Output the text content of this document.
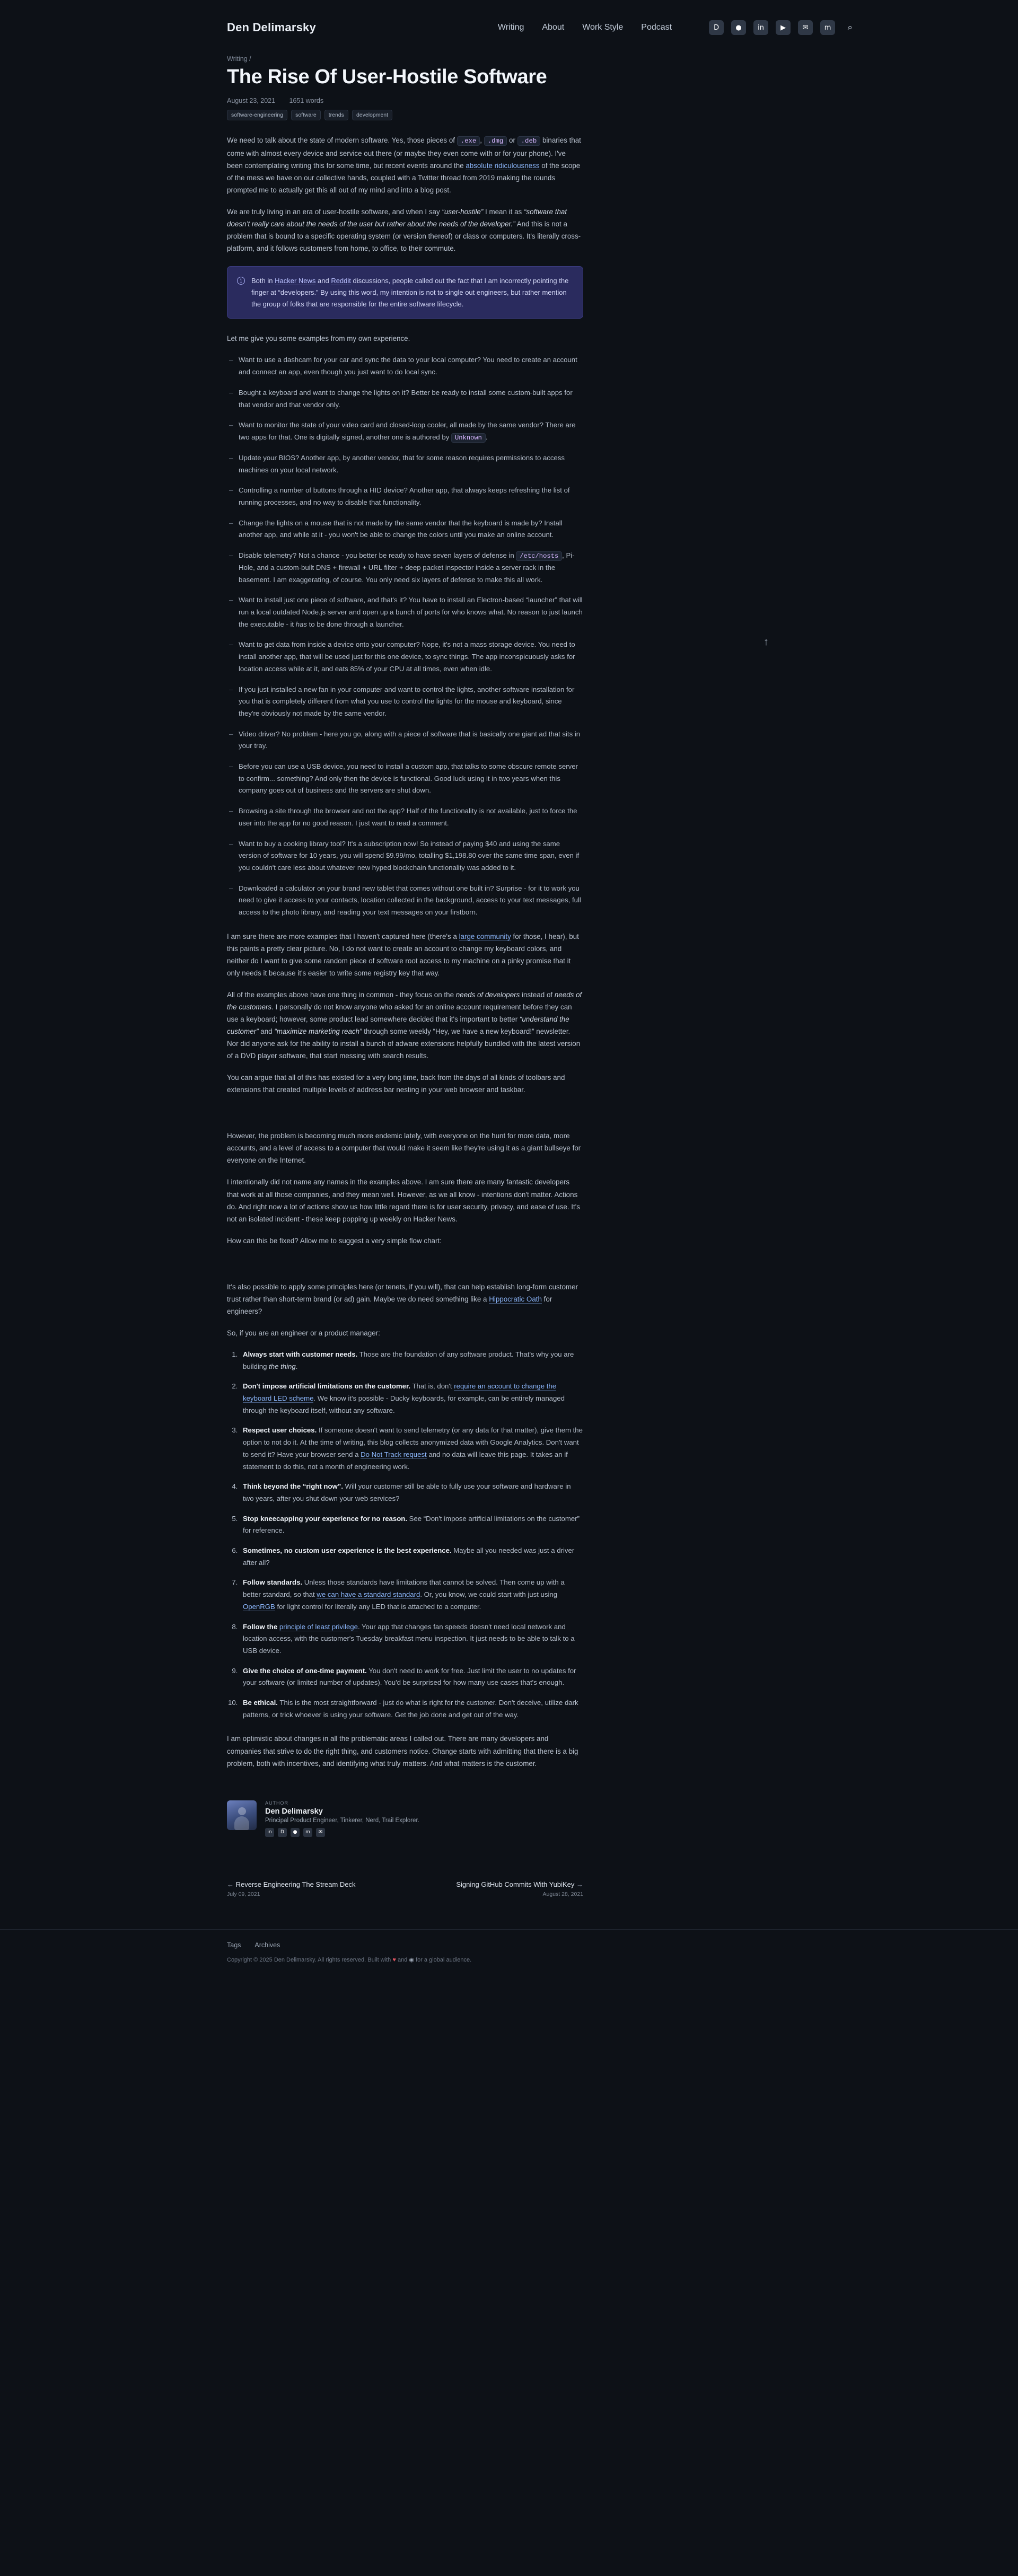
Den Delimarsky	Writing About Work Style Podcast	D	●	in	▶	✉	m	⌕
↑
Writing /
The Rise Of User-Hostile Software
August 23, 2021 1651 words
software-engineering	software	trends	development

We need to talk about the state of modern software. Yes, those pieces of .exe , .dmg or .deb binaries that come with almost every device and service out there (or maybe they even come with or for your phone). I've been contemplating writing this for some time, but recent events around the absolute ridiculousness of the scope of the mess we have on our collective hands, coupled with a Twitter thread from 2019 making the rounds prompted me to actually get this all out of my mind and into a blog post.

We are truly living in an era of user-hostile software, and when I say “user-hostile” I mean it as “software that doesn’t really care about the needs of the user but rather about the needs of the developer.” And this is not a problem that is bound to a specific operating system (or version thereof) or class or computers. It's literally cross-platform, and it follows customers from home, to office, to their commute.

i	Both in Hacker News and Reddit discussions, people called out the fact that I am incorrectly pointing the finger at “developers.” By using this word, my intention is not to single out engineers, but rather mention the group of folks that are responsible for the entire software lifecycle.

Let me give you some examples from my own experience.

– Want to use a dashcam for your car and sync the data to your local computer? You need to create an account and connect an app, even though you just want to do local sync.
– Bought a keyboard and want to change the lights on it? Better be ready to install some custom-built apps for that vendor and that vendor only.
– Want to monitor the state of your video card and closed-loop cooler, all made by the same vendor? There are two apps for that. One is digitally signed, another one is authored by Unknown .
– Update your BIOS? Another app, by another vendor, that for some reason requires permissions to access machines on your local network.
– Controlling a number of buttons through a HID device? Another app, that always keeps refreshing the list of running processes, and no way to disable that functionality.
– Change the lights on a mouse that is not made by the same vendor that the keyboard is made by? Install another app, and while at it - you won't be able to change the colors until you make an online account.
– Disable telemetry? Not a chance - you better be ready to have seven layers of defense in /etc/hosts , Pi-Hole, and a custom-built DNS + firewall + URL filter + deep packet inspector inside a server rack in the basement. I am exaggerating, of course. You only need six layers of defense to make this all work.
– Want to install just one piece of software, and that's it? You have to install an Electron-based “launcher” that will run a local outdated Node.js server and open up a bunch of ports for who knows what. No reason to just launch the executable - it has to be done through a launcher.
– Want to get data from inside a device onto your computer? Nope, it's not a mass storage device. You need to install another app, that will be used just for this one device, to sync things. The app inconspicuously asks for location access while at it, and eats 85% of your CPU at all times, even when idle.
– If you just installed a new fan in your computer and want to control the lights, another software installation for you that is completely different from what you use to control the lights for the mouse and keyboard, since they're obviously not made by the same vendor.
– Video driver? No problem - here you go, along with a piece of software that is basically one giant ad that sits in your tray.
– Before you can use a USB device, you need to install a custom app, that talks to some obscure remote server to confirm... something? And only then the device is functional. Good luck using it in two years when this company goes out of business and the servers are shut down.
– Browsing a site through the browser and not the app? Half of the functionality is not available, just to force the user into the app for no good reason. I just want to read a comment.
– Want to buy a cooking library tool? It's a subscription now! So instead of paying $40 and using the same version of software for 10 years, you will spend $9.99/mo, totalling $1,198.80 over the same time span, even if you couldn't care less about whatever new hyped blockchain functionality was added to it.
– Downloaded a calculator on your brand new tablet that comes without one built in? Surprise - for it to work you need to give it access to your contacts, location collected in the background, access to your text messages, full access to the photo library, and reading your text messages on your firstborn.

I am sure there are more examples that I haven't captured here (there's a large community for those, I hear), but this paints a pretty clear picture. No, I do not want to create an account to change my keyboard colors, and neither do I want to give some random piece of software root access to my machine on a pinky promise that it only needs it because it's easier to write some registry key that way.

All of the examples above have one thing in common - they focus on the needs of developers instead of needs of the customers. I personally do not know anyone who asked for an online account requirement before they can use a keyboard; however, some product lead somewhere decided that it's important to better “understand the customer” and “maximize marketing reach” through some weekly “Hey, we have a new keyboard!” newsletter. Nor did anyone ask for the ability to install a bunch of adware extensions helpfully bundled with the latest version of a DVD player software, that start messing with search results.

You can argue that all of this has existed for a very long time, back from the days of all kinds of toolbars and extensions that created multiple levels of address bar nesting in your web browser and taskbar.

However, the problem is becoming much more endemic lately, with everyone on the hunt for more data, more accounts, and a level of access to a computer that would make it seem like they're using it as a giant bullseye for everyone on the Internet.

I intentionally did not name any names in the examples above. I am sure there are many fantastic developers that work at all those companies, and they mean well. However, as we all know - intentions don't matter. Actions do. And right now a lot of actions show us how little regard there is for user security, privacy, and ease of use. It's not an isolated incident - these keep popping up weekly on Hacker News.

How can this be fixed? Allow me to suggest a very simple flow chart:

It's also possible to apply some principles here (or tenets, if you will), that can help establish long-form customer trust rather than short-term brand (or ad) gain. Maybe we do need something like a Hippocratic Oath for engineers?

So, if you are an engineer or a product manager:

1. Always start with customer needs. Those are the foundation of any software product. That's why you are building the thing.
2. Don't impose artificial limitations on the customer. That is, don't require an account to change the keyboard LED scheme. We know it's possible - Ducky keyboards, for example, can be entirely managed through the keyboard itself, without any software.
3. Respect user choices. If someone doesn't want to send telemetry (or any data for that matter), give them the option to not do it. At the time of writing, this blog collects anonymized data with Google Analytics. Don't want to send it? Have your browser send a Do Not Track request and no data will leave this page. It takes an if statement to do this, not a month of engineering work.
4. Think beyond the “right now”. Will your customer still be able to fully use your software and hardware in two years, after you shut down your web services?
5. Stop kneecapping your experience for no reason. See “Don't impose artificial limitations on the customer” for reference.
6. Sometimes, no custom user experience is the best experience. Maybe all you needed was just a driver after all?
7. Follow standards. Unless those standards have limitations that cannot be solved. Then come up with a better standard, so that we can have a standard standard. Or, you know, we could start with just using OpenRGB for light control for literally any LED that is attached to a computer.
8. Follow the principle of least privilege. Your app that changes fan speeds doesn't need local network and location access, with the customer's Tuesday breakfast menu inspection. It just needs to be able to talk to a USB device.
9. Give the choice of one-time payment. You don't need to work for free. Just limit the user to no updates for your software (or limited number of updates). You'd be surprised for how many use cases that's enough.
10. Be ethical. This is the most straightforward - just do what is right for the customer. Don't deceive, utilize dark patterns, or trick whoever is using your software. Get the job done and get out of the way.

I am optimistic about changes in all the problematic areas I called out. There are many developers and companies that strive to do the right thing, and customers notice. Change starts with admitting that there is a big problem, both with incentives, and identifying what truly matters. And what matters is the customer.

AUTHOR
Den Delimarsky
Principal Product Engineer, Tinkerer, Nerd, Trail Explorer.
in	D	●	m	✉
← Reverse Engineering The Stream Deck
July 09, 2021
Signing GitHub Commits With YubiKey →
August 28, 2021
Tags Archives
Copyright © 2025 Den Delimarsky. All rights reserved. Built with ♥ and ◉ for a global audience.
